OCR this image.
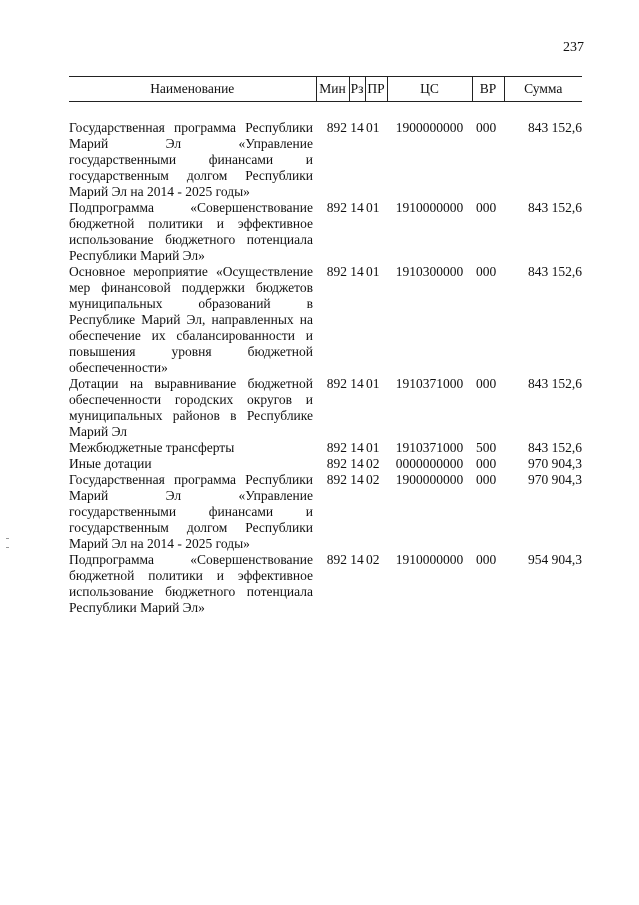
237
Наименование	Мин	Рз	ПР	ЦС	ВР	Сумма

Государственная программа Республики Марий Эл «Управление государственными финансами и государственным долгом Республики Марий Эл на 2014 - 2025 годы»	892	14	01	1900000000	000	843 152,6
Подпрограмма «Совершенствование бюджетной политики и эффективное использование бюджетного потенциала Республики Марий Эл»	892	14	01	1910000000	000	843 152,6
Основное мероприятие «Осуществление мер финансовой поддержки бюджетов муниципальных образований в Республике Марий Эл, направленных на обеспечение их сбалансированности и повышения уровня бюджетной обеспеченности»	892	14	01	1910300000	000	843 152,6
Дотации на выравнивание бюджетной обеспеченности городских округов и муниципальных районов в Республике Марий Эл	892	14	01	1910371000	000	843 152,6
Межбюджетные трансферты	892	14	01	1910371000	500	843 152,6
Иные дотации	892	14	02	0000000000	000	970 904,3
Государственная программа Республики Марий Эл «Управление государственными финансами и государственным долгом Республики Марий Эл на 2014 - 2025 годы»	892	14	02	1900000000	000	970 904,3
Подпрограмма «Совершенствование бюджетной политики и эффективное использование бюджетного потенциала Республики Марий Эл»	892	14	02	1910000000	000	954 904,3
